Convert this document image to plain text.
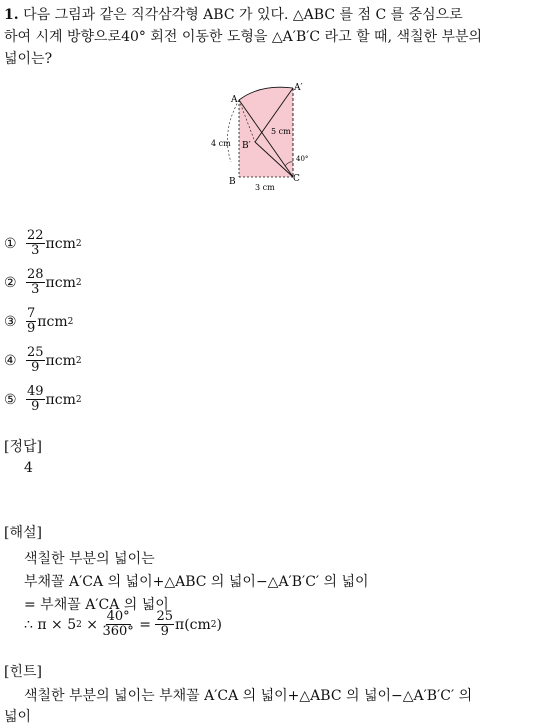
1. 다음 그림과 같은 직각삼각형 ABC 가 있다. △ABC 를 점 C 를 중심으로
하여 시계 방향으로40° 회전 이동한 도형을 △A′B′C 라고 할 때, 색칠한 부분의
넓이는?
A
A′
B′
B	C
4 cm
3 cm
5 cm
40°
① $\frac{22}{3}$ πcm 2
② $\frac{28}{3}$ πcm 2
③ $\frac{7}{9}$ πcm 2
④ $\frac{25}{9}$ πcm 2
⑤ $\frac{49}{9}$ πcm 2
[정답]
4
[해설]
색칠한 부분의 넓이는
부채꼴 A′CA 의 넓이+△ABC 의 넓이−△A′B′C′ 의 넓이
= 부채꼴 A′CA 의 넓이
∴ π × 5 $2 \times \frac{40^\circ}{360^\circ} = \frac{25}{9} \pi(cm$ 2 )
[힌트]
색칠한 부분의 넓이는 부채꼴 A′CA 의 넓이+△ABC 의 넓이−△A′B′C′ 의
넓이
